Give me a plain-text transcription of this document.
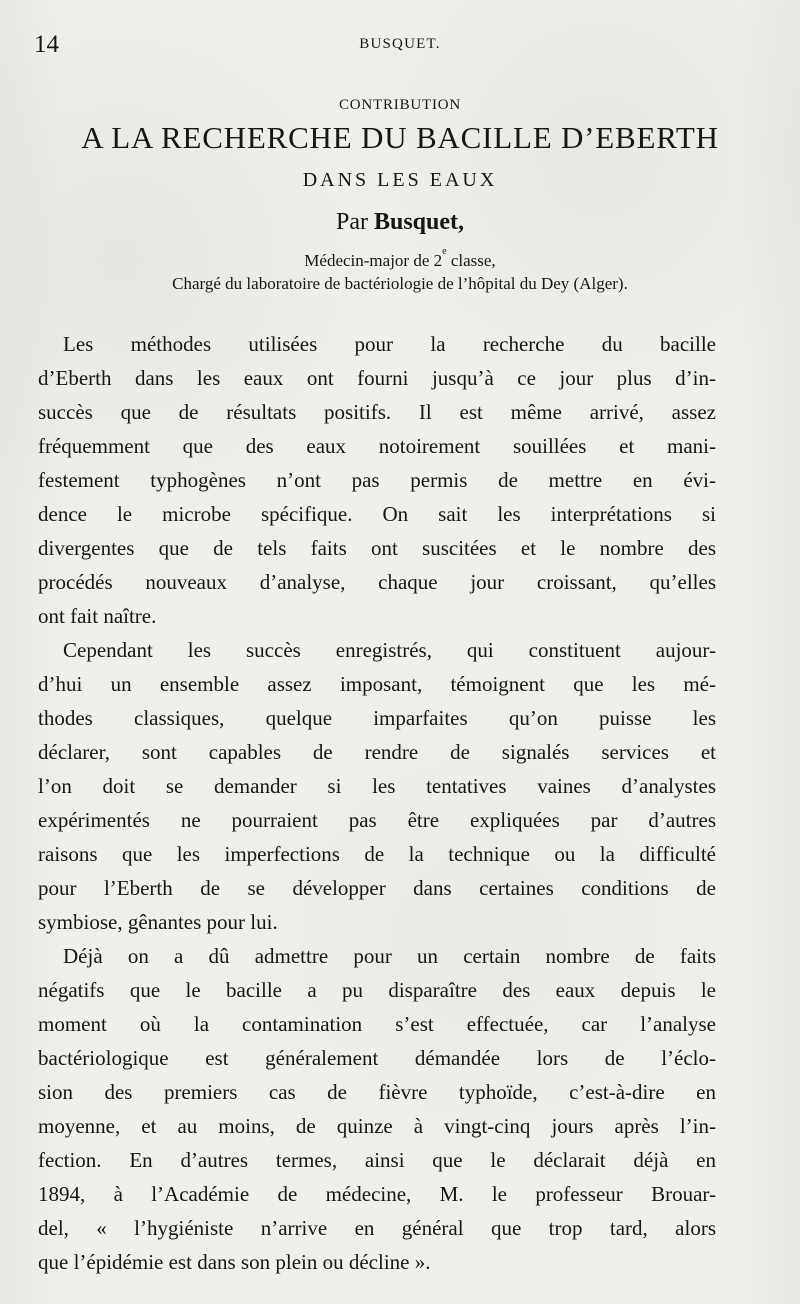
14	BUSQUET.
CONTRIBUTION
A LA RECHERCHE DU BACILLE D’EBERTH
DANS LES EAUX
Par Busquet,
Médecin-major de 2e classe,
Chargé du laboratoire de bactériologie de l’hôpital du Dey (Alger).
Les méthodes utilisées pour la recherche du bacille
d’Eberth dans les eaux ont fourni jusqu’à ce jour plus d’in-
succès que de résultats positifs. Il est même arrivé, assez
fréquemment que des eaux notoirement souillées et mani-
festement typhogènes n’ont pas permis de mettre en évi-
dence le microbe spécifique. On sait les interprétations si
divergentes que de tels faits ont suscitées et le nombre des
procédés nouveaux d’analyse, chaque jour croissant, qu’elles
ont fait naître.
Cependant les succès enregistrés, qui constituent aujour-
d’hui un ensemble assez imposant, témoignent que les mé-
thodes classiques, quelque imparfaites qu’on puisse les
déclarer, sont capables de rendre de signalés services et
l’on doit se demander si les tentatives vaines d’analystes
expérimentés ne pourraient pas être expliquées par d’autres
raisons que les imperfections de la technique ou la difficulté
pour l’Eberth de se développer dans certaines conditions de
symbiose, gênantes pour lui.
Déjà on a dû admettre pour un certain nombre de faits
négatifs que le bacille a pu disparaître des eaux depuis le
moment où la contamination s’est effectuée, car l’analyse
bactériologique est généralement démandée lors de l’éclo-
sion des premiers cas de fièvre typhoïde, c’est-à-dire en
moyenne, et au moins, de quinze à vingt-cinq jours après l’in-
fection. En d’autres termes, ainsi que le déclarait déjà en
1894, à l’Académie de médecine, M. le professeur Brouar-
del, « l’hygiéniste n’arrive en général que trop tard, alors
que l’épidémie est dans son plein ou décline ».
